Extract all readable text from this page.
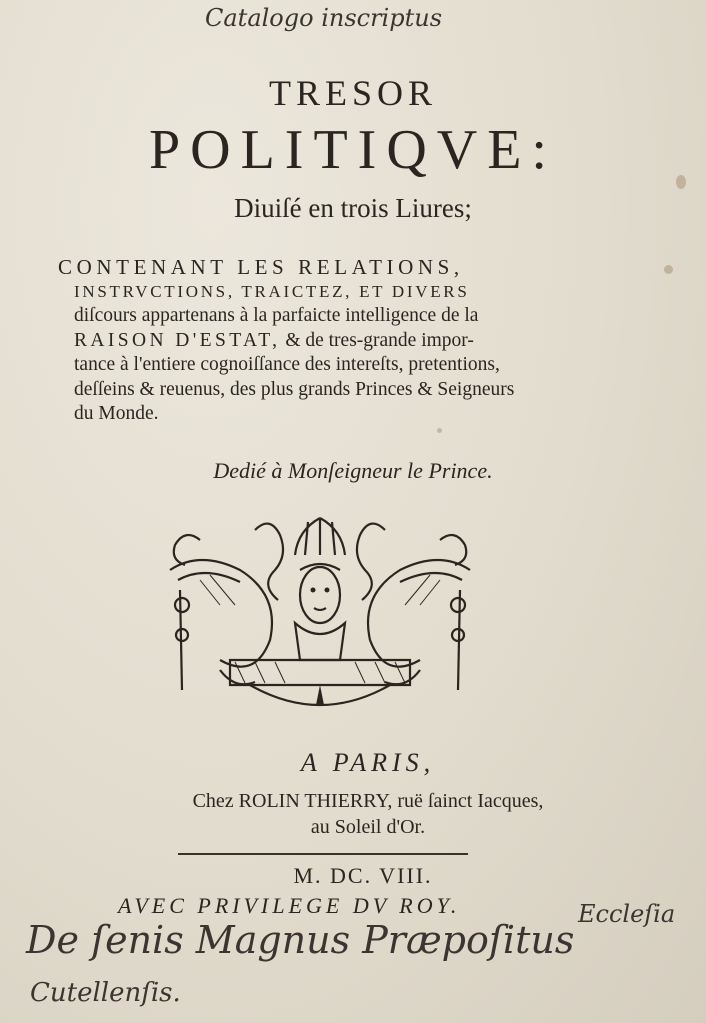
Catalogo inscriptus
TRESOR
POLITIQVE:
Diuiſé en trois Liures;
CONTENANT LES RELATIONS,
INSTRVCTIONS, TRAICTEZ, ET DIVERS
diſcours appartenans à la parfaicte intelligence de la
RAISON D'ESTAT, & de tres-grande impor-
tance à l'entiere cognoiſſance des intereſts, pretentions,
deſſeins & reuenus, des plus grands Princes & Seigneurs
du Monde.
Dedié à Monſeigneur le Prince.
A PARIS,
Chez ROLIN THIERRY, ruë ſainct Iacques,
au Soleil d'Or.
M. DC. VIII.
AVEC PRIVILEGE DV ROY.
De ſenis Magnus Præpoſitus
Eccleſia
Cutellenſis.
